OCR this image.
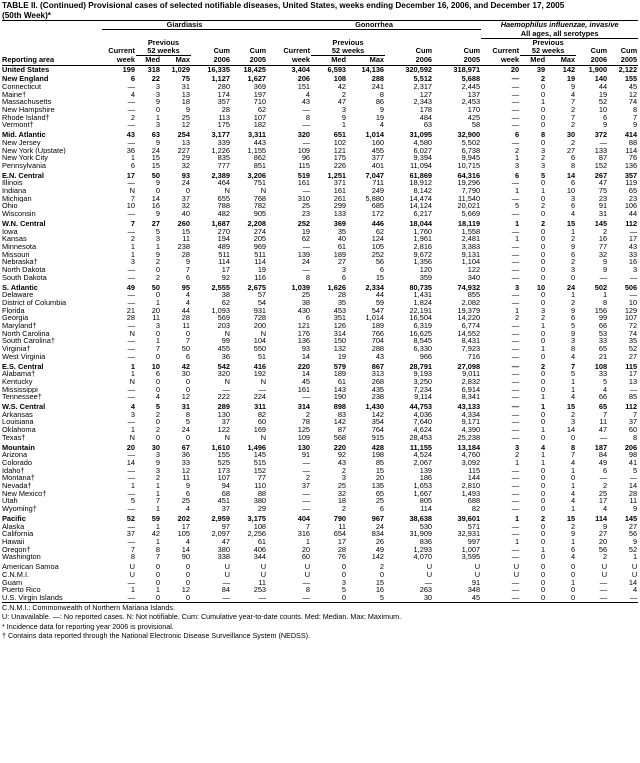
TABLE II. (Continued) Provisional cases of selected notifiable diseases, United States, weeks ending December 16, 2006, and December 17, 2005
(50th Week)*
	Giardiasis					Gonorrhea					Haemophilus influenzae, invasive				
											All ages, all serotypes				
		Previous					Previous					Previous			
	Current	52 weeks		Cum	Cum	Current	52 weeks		Cum	Cum	Current	52 weeks		Cum	Cum
Reporting area	week	Med	Max	2006	2005	week	Med	Max	2006	2005	week	Med	Max	2006	2005
United States	199	318	1,029	16,335	18,425	3,404	6,593	14,136	320,592	318,971	20	39	142	1,900	2,122
New England	6	22	75	1,127	1,627	206	108	288	5,512	5,688	—	2	19	140	155
Connecticut	—	3	31	280	369	151	42	241	2,317	2,445	—	0	9	44	45
Maine†	4	3	13	174	197	4	2	8	127	137	—	0	4	19	12
Massachusetts	—	9	18	357	710	43	47	86	2,343	2,453	—	1	7	52	74
New Hampshire	—	0	9	28	62	—	3	9	178	170	—	0	2	10	8
Rhode Island†	2	1	25	113	107	8	9	19	484	425	—	0	7	6	7
Vermont†	—	3	12	175	182	—	1	4	63	58	—	0	2	9	9
Mid. Atlantic	43	63	254	3,177	3,311	320	651	1,014	31,095	32,900	6	8	30	372	414
New Jersey	—	9	13	339	443	—	102	160	4,580	5,502	—	0	2	—	88
New York (Upstate)	36	24	227	1,226	1,155	109	121	455	6,027	6,738	2	3	27	133	114
New York City	1	15	29	835	862	96	175	377	9,394	9,945	1	2	6	87	76
Pennsylvania	6	15	32	777	851	115	226	401	11,094	10,715	3	3	8	152	136
E.N. Central	17	50	93	2,389	3,206	519	1,251	7,047	61,869	64,316	6	5	14	267	357
Illinois	—	9	24	464	751	161	371	711	18,912	19,296	—	0	6	47	119
Indiana	N	0	0	N	N	—	161	249	8,142	7,790	1	1	10	75	65
Michigan	7	14	37	655	768	310	261	5,880	14,474	11,540	—	0	3	23	23
Ohio	10	16	32	788	782	25	299	685	14,124	20,021	5	2	6	91	106
Wisconsin	—	9	40	482	905	23	133	172	6,217	5,669	—	0	4	31	44
W.N. Central	7	27	260	1,687	2,208	252	369	446	18,044	18,119	1	2	15	145	112
Iowa	—	5	15	270	274	19	35	62	1,760	1,558	—	0	1	2	—
Kansas	2	3	11	194	205	62	40	124	1,961	2,481	1	0	2	16	17
Minnesota	1	1	238	489	969	—	61	105	2,816	3,383	—	0	9	77	43
Missouri	1	9	28	511	511	139	189	252	9,672	9,131	—	0	6	32	33
Nebraska†	3	2	9	114	114	24	27	56	1,356	1,104	—	0	2	9	16
North Dakota	—	0	7	17	19	—	3	6	120	122	—	0	3	9	3
South Dakota	—	2	6	92	116	8	6	15	359	340	—	0	0	—	—
S. Atlantic	49	50	95	2,555	2,675	1,039	1,626	2,334	80,735	74,932	3	10	24	502	506
Delaware	—	0	4	38	57	25	28	44	1,431	855	—	0	1	1	—
District of Columbia	—	1	4	62	54	38	35	59	1,824	2,082	—	0	2	8	10
Florida	21	20	44	1,093	931	430	453	547	22,191	19,379	1	3	9	156	129
Georgia	28	11	28	569	728	6	351	1,014	16,504	14,220	2	2	6	99	107
Maryland†	—	3	11	203	200	121	126	189	6,319	6,774	—	1	5	66	72
North Carolina	N	0	0	N	N	176	314	766	16,625	14,552	—	0	9	53	74
South Carolina†	—	1	7	99	104	136	150	704	8,545	8,431	—	0	3	33	35
Virginia†	—	7	50	455	550	93	132	288	6,330	7,923	—	1	8	65	52
West Virginia	—	0	6	36	51	14	19	43	966	716	—	0	4	21	27
E.S. Central	1	10	42	542	416	220	579	867	28,791	27,098	—	2	7	108	115
Alabama†	1	6	30	320	192	14	189	313	9,193	9,011	—	0	5	33	17
Kentucky	N	0	0	N	N	45	61	268	3,250	2,832	—	0	1	5	13
Mississippi	—	0	0	—	—	161	143	435	7,234	6,914	—	0	1	4	—
Tennessee†	—	4	12	222	224	—	190	238	9,114	8,341	—	1	4	66	85
W.S. Central	4	5	31	289	311	314	898	1,430	44,753	43,133	—	1	15	65	112
Arkansas	3	2	8	130	82	2	83	142	4,036	4,334	—	0	2	7	7
Louisiana	—	0	5	37	60	78	142	354	7,640	9,171	—	0	3	11	37
Oklahoma	1	2	24	122	169	125	87	764	4,624	4,390	—	1	14	47	60
Texas†	N	0	0	N	N	109	568	915	28,453	25,238	—	0	0	—	8
Mountain	20	30	67	1,610	1,496	130	220	428	11,155	13,184	3	4	8	187	206
Arizona	—	3	36	155	145	91	92	198	4,524	4,760	2	1	7	84	98
Colorado	14	9	33	525	515	—	43	85	2,067	3,092	1	1	4	49	41
Idaho†	—	3	12	173	152	—	2	15	139	115	—	0	1	6	5
Montana†	—	2	11	107	77	2	3	20	186	144	—	0	0	—	—
Nevada†	1	1	9	94	110	37	25	135	1,653	2,810	—	0	1	2	14
New Mexico†	—	1	6	68	88	—	32	65	1,667	1,493	—	0	4	25	28
Utah	5	7	25	451	380	—	18	25	805	688	—	0	4	17	11
Wyoming†	—	1	4	37	29	—	2	6	114	82	—	0	1	4	9
Pacific	52	59	202	2,959	3,175	404	790	967	38,638	39,601	1	2	15	114	145
Alaska	—	1	17	97	108	7	11	24	530	571	—	0	2	9	27
California	37	42	105	2,097	2,256	316	654	834	31,909	32,931	—	0	9	27	56
Hawaii	—	1	4	47	61	1	17	26	836	997	1	0	1	20	9
Oregon†	7	8	14	380	406	20	28	49	1,293	1,007	—	1	6	56	52
Washington	8	7	90	338	344	60	76	142	4,070	3,595	—	0	4	2	1
American Samoa	U	0	0	U	U	U	0	2	U	U	U	0	0	U	U
C.N.M.I.	U	0	0	U	U	U	0	0	U	U	U	0	0	U	U
Guam	—	0	0	—	11	—	3	15	—	91	—	0	1	—	14
Puerto Rico	1	1	12	84	253	8	5	16	263	348	—	0	0	—	4
U.S. Virgin Islands	—	0	0	—	—	—	0	5	30	45	—	0	0	—	—
C.N.M.I.: Commonwealth of Northern Mariana Islands.
U: Unavailable. —: No reported cases. N: Not notifiable. Cum: Cumulative year-to-date counts. Med: Median. Max: Maximum.
* Incidence data for reporting year 2006 is provisional.
† Contains data reported through the National Electronic Disease Surveillance System (NEDSS).
